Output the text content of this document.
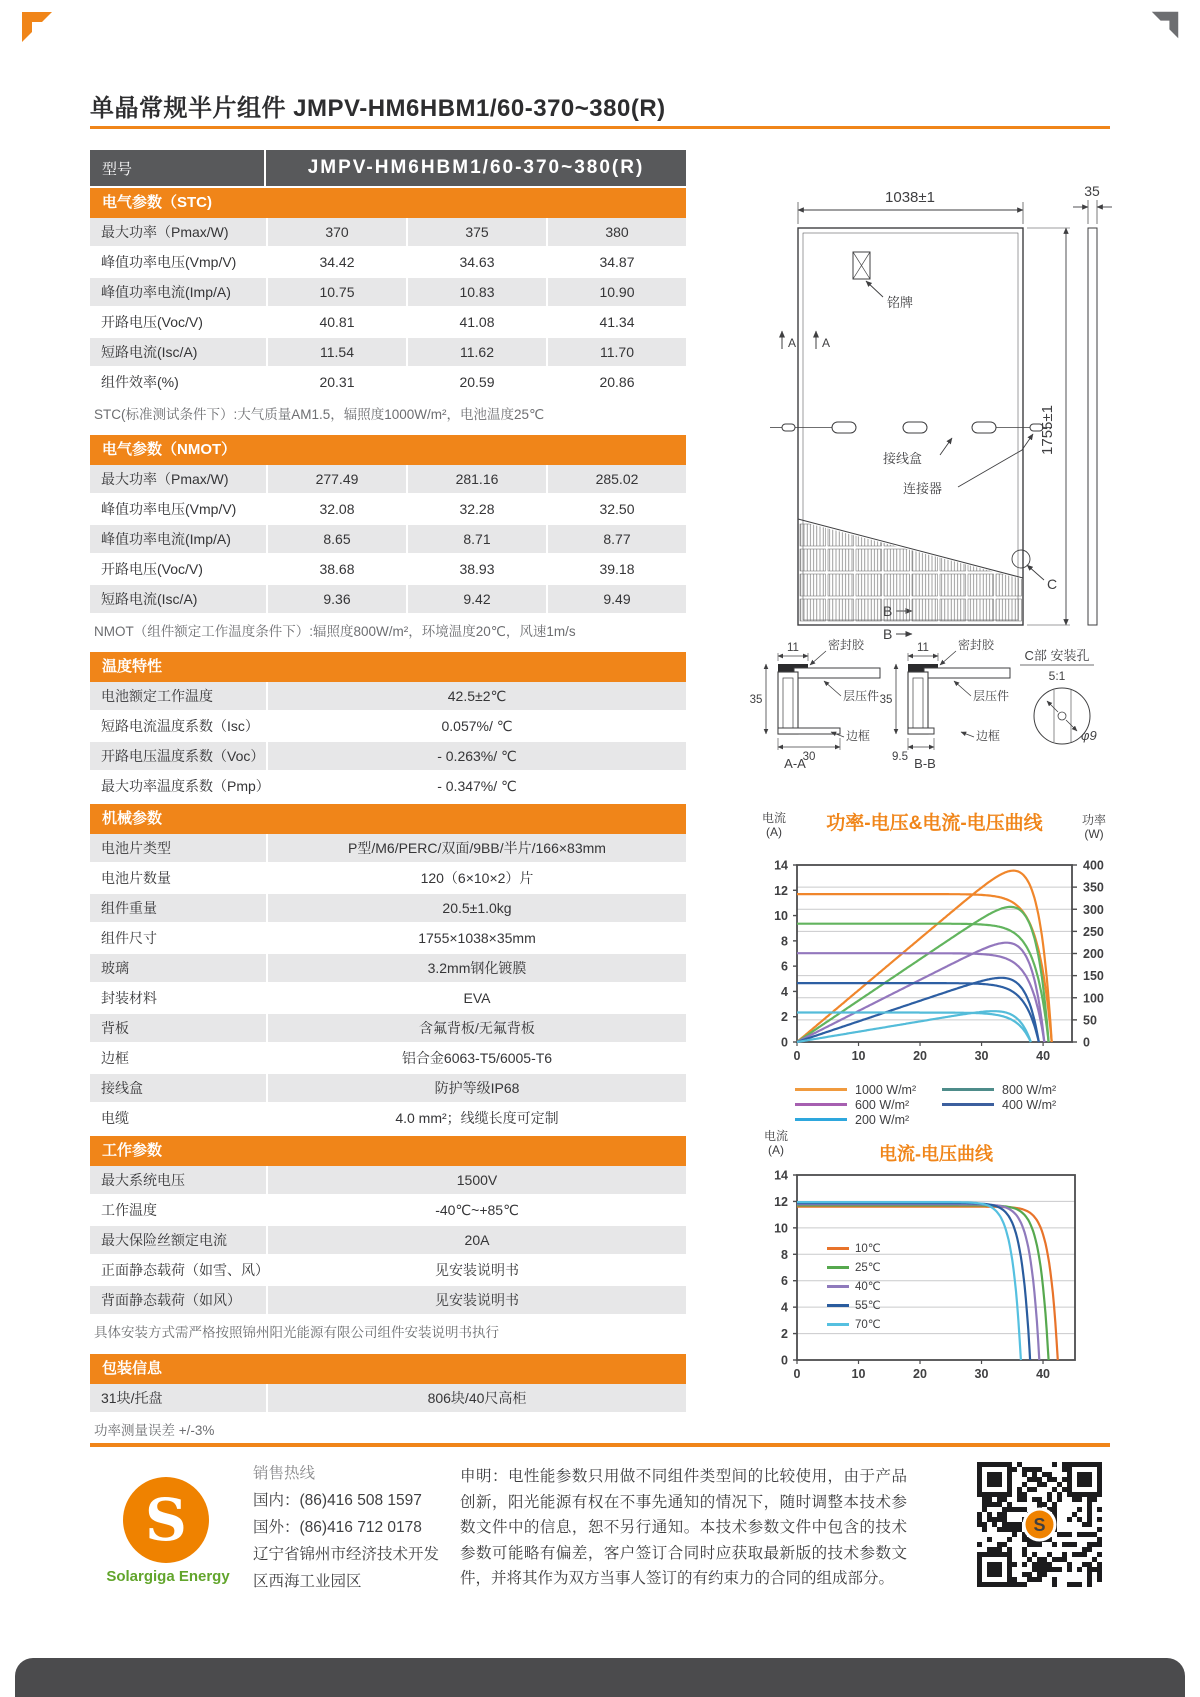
单晶常规半片组件 JMPV-HM6HBM1/60-370~380(R)
型号	JMPV-HM6HBM1/60-370~380(R)
电气参数（STC)
最大功率（Pmax/W)	370	375	380
峰值功率电压(Vmp/V)	34.42	34.63	34.87
峰值功率电流(Imp/A)	10.75	10.83	10.90
开路电压(Voc/V)	40.81	41.08	41.34
短路电流(Isc/A)	11.54	11.62	11.70
组件效率(%)	20.31	20.59	20.86
STC(标准测试条件下）:大气质量AM1.5，辐照度1000W/m²，电池温度25℃
电气参数（NMOT）
最大功率（Pmax/W)	277.49	281.16	285.02
峰值功率电压(Vmp/V)	32.08	32.28	32.50
峰值功率电流(Imp/A)	8.65	8.71	8.77
开路电压(Voc/V)	38.68	38.93	39.18
短路电流(Isc/A)	9.36	9.42	9.49
NMOT（组件额定工作温度条件下）:辐照度800W/m²，环境温度20℃，风速1m/s
温度特性
电池额定工作温度	42.5±2℃
短路电流温度系数（Isc）	0.057%/ ℃
开路电压温度系数（Voc）	- 0.263%/ ℃
最大功率温度系数（Pmp）	- 0.347%/ ℃
机械参数
电池片类型	P型/M6/PERC/双面/9BB/半片/166×83mm
电池片数量	120（6×10×2）片
组件重量	20.5±1.0kg
组件尺寸	1755×1038×35mm
玻璃	3.2mm钢化镀膜
封装材料	EVA
背板	含氟背板/无氟背板
边框	铝合金6063-T5/6005-T6
接线盒	防护等级IP68
电缆	4.0 mm²；线缆长度可定制
工作参数
最大系统电压	1500V
工作温度	-40℃~+85℃
最大保险丝额定电流	20A
正面静态载荷（如雪、风）	见安装说明书
背面静态载荷（如风）	见安装说明书
具体安装方式需严格按照锦州阳光能源有限公司组件安装说明书执行
包装信息
31块/托盘	806块/40尺高柜
功率测量误差 +/-3%
1038±1	35
1755±1
铭牌
A A
接线盒
连接器
C
B
B
11
35
30
密封胶
层压件
边框
A-A
11
35
9.5
密封胶
层压件
边框
B-B
C部 安装孔
5:1
φ9
功率-电压&电流-电压曲线
电流
(A)
功率
(W)
0
2
4
6
8
10
12
14
0
50
100
150
200
250
300
350
400
0	10	20	30	40
1000 W/m²	800 W/m²
600 W/m²	400 W/m²
200 W/m²
电流-电压曲线
电流
(A)
0
2
4
6
8
10
12
14
0	10	20	30	40
10℃
25℃
40℃
55℃
70℃
S
Solargiga Energy
销售热线
国内：(86)416 508 1597
国外：(86)416 712 0178
辽宁省锦州市经济技术开发区西海工业园区
申明：电性能参数只用做不同组件类型间的比较使用，由于产品创新，阳光能源有权在不事先通知的情况下，随时调整本技术参数文件中的信息，恕不另行通知。本技术参数文件中包含的技术参数可能略有偏差，客户签订合同时应获取最新版的技术参数文件，并将其作为双方当事人签订的有约束力的合同的组成部分。
S
